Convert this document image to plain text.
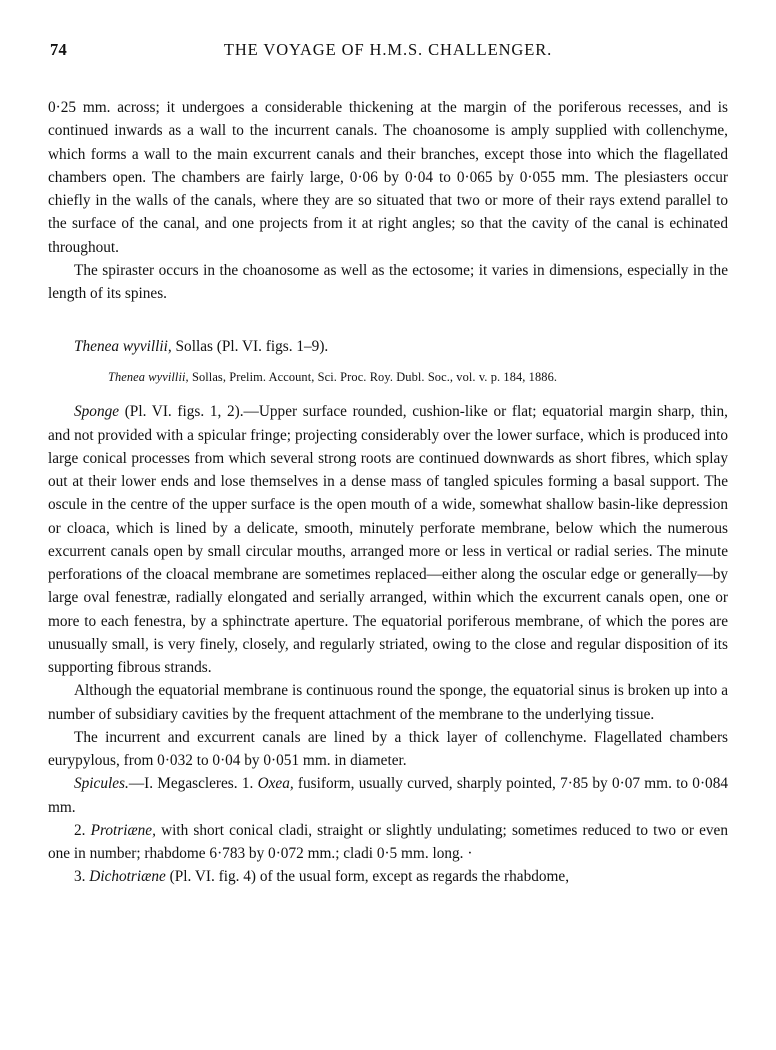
74	THE VOYAGE OF H.M.S. CHALLENGER.

0·25 mm. across; it undergoes a considerable thickening at the margin of the poriferous recesses, and is continued inwards as a wall to the incurrent canals. The choanosome is amply supplied with collenchyme, which forms a wall to the main excurrent canals and their branches, except those into which the flagellated chambers open. The chambers are fairly large, 0·06 by 0·04 to 0·065 by 0·055 mm. The plesiasters occur chiefly in the walls of the canals, where they are so situated that two or more of their rays extend parallel to the surface of the canal, and one projects from it at right angles; so that the cavity of the canal is echinated throughout.

The spiraster occurs in the choanosome as well as the ectosome; it varies in dimensions, especially in the length of its spines.

Thenea wyvillii, Sollas (Pl. VI. figs. 1–9).

Thenea wyvillii, Sollas, Prelim. Account, Sci. Proc. Roy. Dubl. Soc., vol. v. p. 184, 1886.

Sponge (Pl. VI. figs. 1, 2).—Upper surface rounded, cushion-like or flat; equatorial margin sharp, thin, and not provided with a spicular fringe; projecting considerably over the lower surface, which is produced into large conical processes from which several strong roots are continued downwards as short fibres, which splay out at their lower ends and lose themselves in a dense mass of tangled spicules forming a basal support. The oscule in the centre of the upper surface is the open mouth of a wide, somewhat shallow basin-like depression or cloaca, which is lined by a delicate, smooth, minutely perforate membrane, below which the numerous excurrent canals open by small circular mouths, arranged more or less in vertical or radial series. The minute perforations of the cloacal membrane are sometimes replaced—either along the oscular edge or generally—by large oval fenestræ, radially elongated and serially arranged, within which the excurrent canals open, one or more to each fenestra, by a sphinctrate aperture. The equatorial poriferous membrane, of which the pores are unusually small, is very finely, closely, and regularly striated, owing to the close and regular disposition of its supporting fibrous strands.

Although the equatorial membrane is continuous round the sponge, the equatorial sinus is broken up into a number of subsidiary cavities by the frequent attachment of the membrane to the underlying tissue.

The incurrent and excurrent canals are lined by a thick layer of collenchyme. Flagellated chambers eurypylous, from 0·032 to 0·04 by 0·051 mm. in diameter.

Spicules.—I. Megascleres. 1. Oxea, fusiform, usually curved, sharply pointed, 7·85 by 0·07 mm. to 0·084 mm.

2. Protriæne, with short conical cladi, straight or slightly undulating; sometimes reduced to two or even one in number; rhabdome 6·783 by 0·072 mm.; cladi 0·5 mm. long. ·

3. Dichotriæne (Pl. VI. fig. 4) of the usual form, except as regards the rhabdome,
